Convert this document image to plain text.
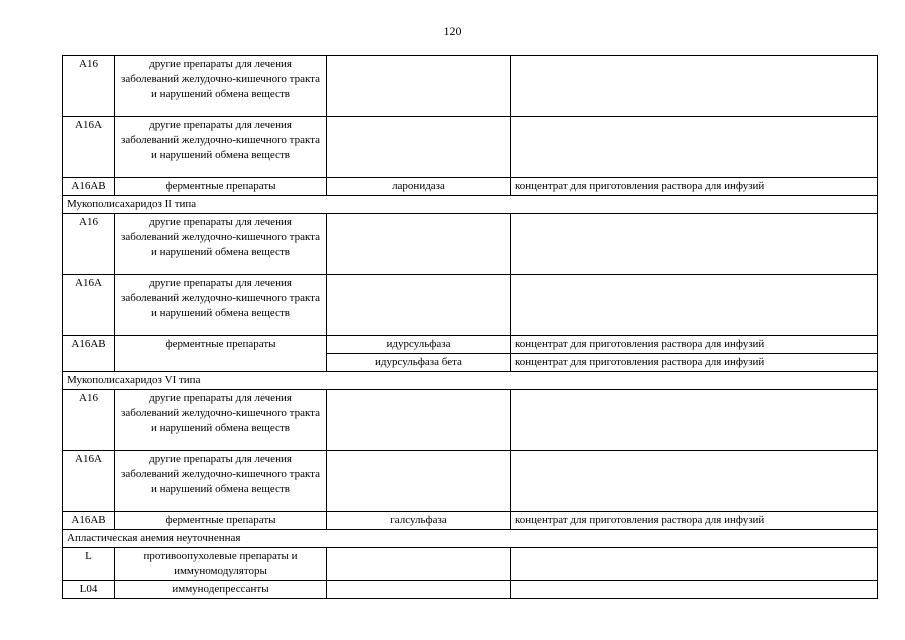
120
A16	другие препараты для лечения заболеваний желудочно-кишечного тракта и нарушений обмена веществ		
A16A	другие препараты для лечения заболеваний желудочно-кишечного тракта и нарушений обмена веществ		
A16AB	ферментные препараты	ларонидаза	концентрат для приготовления раствора для инфузий
Мукополисахаридоз II типа			
A16	другие препараты для лечения заболеваний желудочно-кишечного тракта и нарушений обмена веществ		
A16A	другие препараты для лечения заболеваний желудочно-кишечного тракта и нарушений обмена веществ		
A16AB	ферментные препараты	идурсульфаза	концентрат для приготовления раствора для инфузий
		идурсульфаза бета	концентрат для приготовления раствора для инфузий
Мукополисахаридоз VI типа			
A16	другие препараты для лечения заболеваний желудочно-кишечного тракта и нарушений обмена веществ		
A16A	другие препараты для лечения заболеваний желудочно-кишечного тракта и нарушений обмена веществ		
A16AB	ферментные препараты	галсульфаза	концентрат для приготовления раствора для инфузий
Апластическая анемия неуточненная			
L	противоопухолевые препараты и иммуномодуляторы		
L04	иммунодепрессанты		
